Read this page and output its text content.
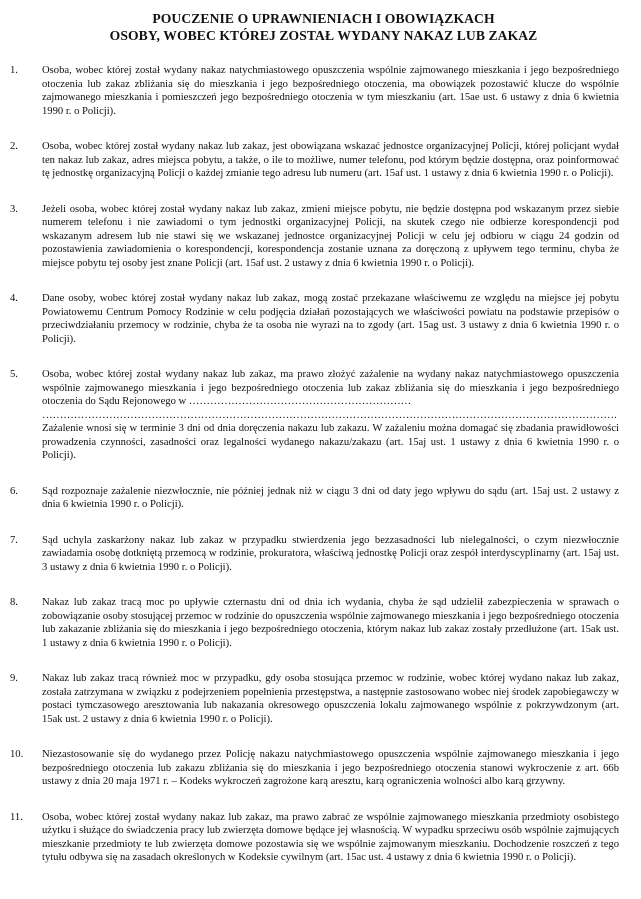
POUCZENIE O UPRAWNIENIACH I OBOWIĄZKACH
OSOBY, WOBEC KTÓREJ ZOSTAŁ WYDANY NAKAZ LUB ZAKAZ
1.	Osoba, wobec której został wydany nakaz natychmiastowego opuszczenia wspólnie zajmowanego mieszkania i jego bezpośredniego otoczenia lub zakaz zbliżania się do mieszkania i jego bezpośredniego otoczenia, ma obowiązek pozostawić klucze do wspólnie zajmowanego mieszkania i pomieszczeń jego bezpośredniego otoczenia w tym mieszkaniu (art. 15ae ust. 6 ustawy z dnia 6 kwietnia 1990 r. o Policji).

2.	Osoba, wobec której został wydany nakaz lub zakaz, jest obowiązana wskazać jednostce organizacyjnej Policji, której policjant wydał ten nakaz lub zakaz, adres miejsca pobytu, a także, o ile to możliwe, numer telefonu, pod którym będzie dostępna, oraz poinformować tę jednostkę organizacyjną Policji o każdej zmianie tego adresu lub numeru (art. 15af ust. 1 ustawy z dnia 6 kwietnia 1990 r. o Policji).

3.	Jeżeli osoba, wobec której został wydany nakaz lub zakaz, zmieni miejsce pobytu, nie będzie dostępna pod wskazanym przez siebie numerem telefonu i nie zawiadomi o tym jednostki organizacyjnej Policji, na skutek czego nie odbierze korespondencji pod wskazanym adresem lub nie stawi się we wskazanej jednostce organizacyjnej Policji w celu jej odbioru w ciągu 24 godzin od pozostawienia zawiadomienia o korespondencji, korespondencja zostanie uznana za doręczoną z upływem tego terminu, chyba że miejsce pobytu tej osoby jest znane Policji (art. 15af ust. 2 ustawy z dnia 6 kwietnia 1990 r. o Policji).

4.	Dane osoby, wobec której został wydany nakaz lub zakaz, mogą zostać przekazane właściwemu ze względu na miejsce jej pobytu Powiatowemu Centrum Pomocy Rodzinie w celu podjęcia działań pozostających we właściwości powiatu na podstawie przepisów o przeciwdziałaniu przemocy w rodzinie, chyba że ta osoba nie wyrazi na to zgody (art. 15ag ust. 3 ustawy z dnia 6 kwietnia 1990 r. o Policji).

5.	Osoba, wobec której został wydany nakaz lub zakaz, ma prawo złożyć zażalenie na wydany nakaz natychmiastowego opuszczenia wspólnie zajmowanego mieszkania i jego bezpośredniego otoczenia lub zakaz zbliżania się do mieszkania i jego bezpośredniego otoczenia do Sądu Rejonowego w ………………………………………………………

……………………………………………………………………………………………………………………………………………….

Zażalenie wnosi się w terminie 3 dni od dnia doręczenia nakazu lub zakazu. W zażaleniu można domagać się zbadania prawidłowości prowadzenia czynności, zasadności oraz legalności wydanego nakazu/zakazu (art. 15aj ust. 1 ustawy z dnia 6 kwietnia 1990 r. o Policji).

6.	Sąd rozpoznaje zażalenie niezwłocznie, nie później jednak niż w ciągu 3 dni od daty jego wpływu do sądu (art. 15aj ust. 2 ustawy z dnia 6 kwietnia 1990 r. o Policji).

7.	Sąd uchyla zaskarżony nakaz lub zakaz w przypadku stwierdzenia jego bezzasadności lub nielegalności, o czym niezwłocznie zawiadamia osobę dotkniętą przemocą w rodzinie, prokuratora, właściwą jednostkę Policji oraz zespół interdyscyplinarny (art. 15aj ust. 3 ustawy z dnia 6 kwietnia 1990 r. o Policji).

8.	Nakaz lub zakaz tracą moc po upływie czternastu dni od dnia ich wydania, chyba że sąd udzielił zabezpieczenia w sprawach o zobowiązanie osoby stosującej przemoc w rodzinie do opuszczenia wspólnie zajmowanego mieszkania i jego bezpośredniego otoczenia lub zakazanie zbliżania się do mieszkania i jego bezpośredniego otoczenia, którym nakaz lub zakaz zostały przedłużone (art. 15ak ust. 1 ustawy z dnia 6 kwietnia 1990 r. o Policji).

9.	Nakaz lub zakaz tracą również moc w przypadku, gdy osoba stosująca przemoc w rodzinie, wobec której wydano nakaz lub zakaz, została zatrzymana w związku z podejrzeniem popełnienia przestępstwa, a następnie zastosowano wobec niej środek zapobiegawczy w postaci tymczasowego aresztowania lub nakazania okresowego opuszczenia lokalu zajmowanego wspólnie z pokrzywdzonym (art. 15ak ust. 2 ustawy z dnia 6 kwietnia 1990 r. o Policji).

10.	Niezastosowanie się do wydanego przez Policję nakazu natychmiastowego opuszczenia wspólnie zajmowanego mieszkania i jego bezpośredniego otoczenia lub zakazu zbliżania się do mieszkania i jego bezpośredniego otoczenia stanowi wykroczenie z art. 66b ustawy z dnia 20 maja 1971 r. – Kodeks wykroczeń zagrożone karą aresztu, karą ograniczenia wolności albo karą grzywny.

11.	Osoba, wobec której został wydany nakaz lub zakaz, ma prawo zabrać ze wspólnie zajmowanego mieszkania przedmioty osobistego użytku i służące do świadczenia pracy lub zwierzęta domowe będące jej własnością. W wypadku sprzeciwu osób wspólnie zajmujących mieszkanie przedmioty te lub zwierzęta domowe pozostawia się we wspólnie zajmowanym mieszkaniu. Dochodzenie roszczeń z tego tytułu odbywa się na zasadach określonych w Kodeksie cywilnym (art. 15ac ust. 4 ustawy z dnia 6 kwietnia 1990 r. o Policji).
